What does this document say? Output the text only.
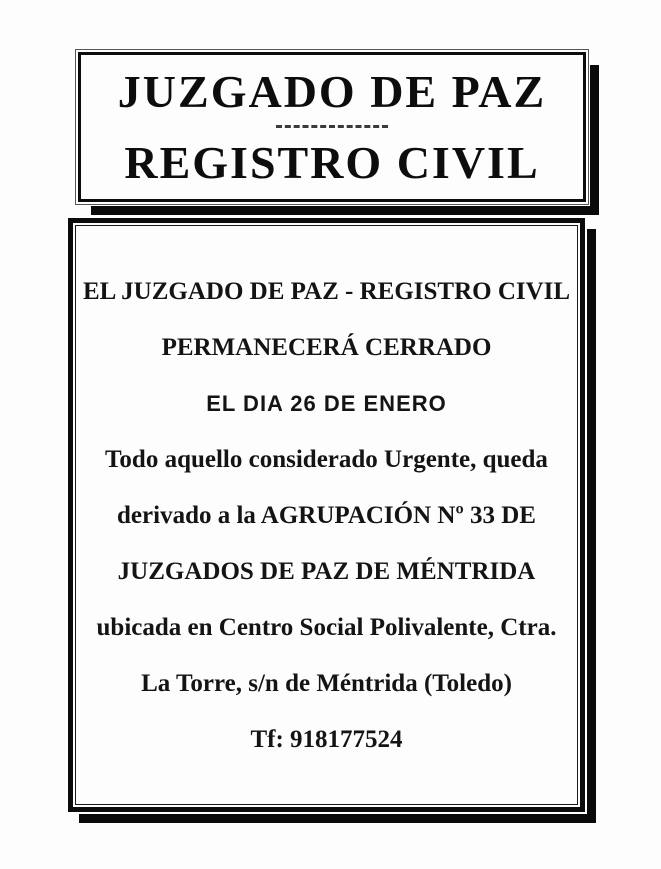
JUZGADO DE PAZ
REGISTRO CIVIL

EL JUZGADO DE PAZ - REGISTRO CIVIL

PERMANECERÁ CERRADO

EL DIA 26 DE ENERO

Todo aquello considerado Urgente, queda

derivado a la AGRUPACIÓN Nº 33 DE

JUZGADOS DE PAZ DE MÉNTRIDA

ubicada en Centro Social Polivalente, Ctra.

La Torre, s/n de Méntrida (Toledo)

Tf: 918177524
